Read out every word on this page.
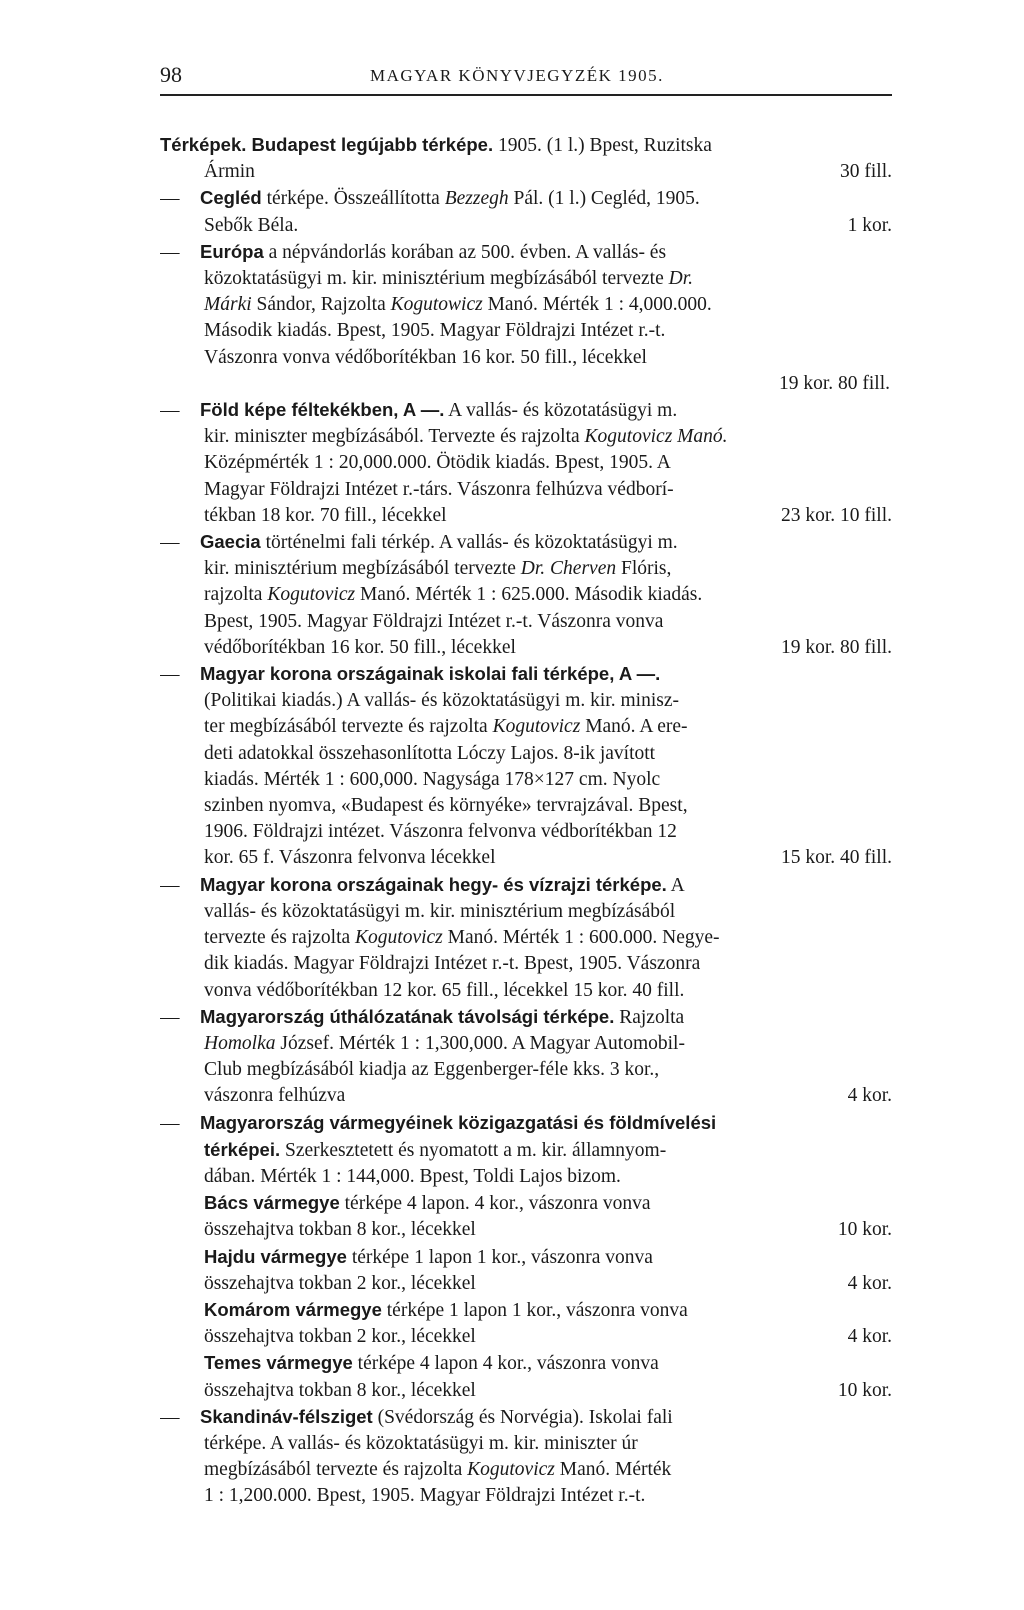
98	MAGYAR KÖNYVJEGYZÉK 1905.
Térképek. Budapest legújabb térképe. 1905. (1 l.) Bpest, Ruzitska
Ármin	30 fill.
— Cegléd térképe. Összeállította Bezzegh Pál. (1 l.) Cegléd, 1905.
Sebők Béla.	1 kor.
— Európa a népvándorlás korában az 500. évben. A vallás- és
közoktatásügyi m. kir. minisztérium megbízásából tervezte Dr.
Márki Sándor, Rajzolta Kogutowicz Manó. Mérték 1 : 4,000.000.
Második kiadás. Bpest, 1905. Magyar Földrajzi Intézet r.-t.
Vászonra vonva védőborítékban 16 kor. 50 fill., lécekkel
19 kor. 80 fill.
— Föld képe féltekékben, A —. A vallás- és közotatásügyi m.
kir. miniszter megbízásából. Tervezte és rajzolta Kogutovicz Manó.
Középmérték 1 : 20,000.000. Ötödik kiadás. Bpest, 1905. A
Magyar Földrajzi Intézet r.-társ. Vászonra felhúzva védborí-
tékban 18 kor. 70 fill., lécekkel	23 kor. 10 fill.
— Gaecia történelmi fali térkép. A vallás- és közoktatásügyi m.
kir. minisztérium megbízásából tervezte Dr. Cherven Flóris,
rajzolta Kogutovicz Manó. Mérték 1 : 625.000. Második kiadás.
Bpest, 1905. Magyar Földrajzi Intézet r.-t. Vászonra vonva
védőborítékban 16 kor. 50 fill., lécekkel	19 kor. 80 fill.
— Magyar korona országainak iskolai fali térképe, A —.
(Politikai kiadás.) A vallás- és közoktatásügyi m. kir. minisz-
ter megbízásából tervezte és rajzolta Kogutovicz Manó. A ere-
deti adatokkal összehasonlította Lóczy Lajos. 8-ik javított
kiadás. Mérték 1 : 600,000. Nagysága 178×127 cm. Nyolc
szinben nyomva, «Budapest és környéke» tervrajzával. Bpest,
1906. Földrajzi intézet. Vászonra felvonva védborítékban 12
kor. 65 f. Vászonra felvonva lécekkel	15 kor. 40 fill.
— Magyar korona országainak hegy- és vízrajzi térképe. A
vallás- és közoktatásügyi m. kir. minisztérium megbízásából
tervezte és rajzolta Kogutovicz Manó. Mérték 1 : 600.000. Negye-
dik kiadás. Magyar Földrajzi Intézet r.-t. Bpest, 1905. Vászonra
vonva védőborítékban 12 kor. 65 fill., lécekkel 15 kor. 40 fill.
— Magyarország úthálózatának távolsági térképe. Rajzolta
Homolka József. Mérték 1 : 1,300,000. A Magyar Automobil-
Club megbízásából kiadja az Eggenberger-féle kks. 3 kor.,
vászonra felhúzva	4 kor.
— Magyarország vármegyéinek közigazgatási és földmívelési
térképei. Szerkesztetett és nyomatott a m. kir. államnyom-
dában. Mérték 1 : 144,000. Bpest, Toldi Lajos bizom.
Bács vármegye térképe 4 lapon. 4 kor., vászonra vonva
összehajtva tokban 8 kor., lécekkel	10 kor.
Hajdu vármegye térképe 1 lapon 1 kor., vászonra vonva
összehajtva tokban 2 kor., lécekkel	4 kor.
Komárom vármegye térképe 1 lapon 1 kor., vászonra vonva
összehajtva tokban 2 kor., lécekkel	4 kor.
Temes vármegye térképe 4 lapon 4 kor., vászonra vonva
összehajtva tokban 8 kor., lécekkel	10 kor.
— Skandináv-félsziget (Svédország és Norvégia). Iskolai fali
térképe. A vallás- és közoktatásügyi m. kir. miniszter úr
megbízásából tervezte és rajzolta Kogutovicz Manó. Mérték
1 : 1,200.000. Bpest, 1905. Magyar Földrajzi Intézet r.-t.
